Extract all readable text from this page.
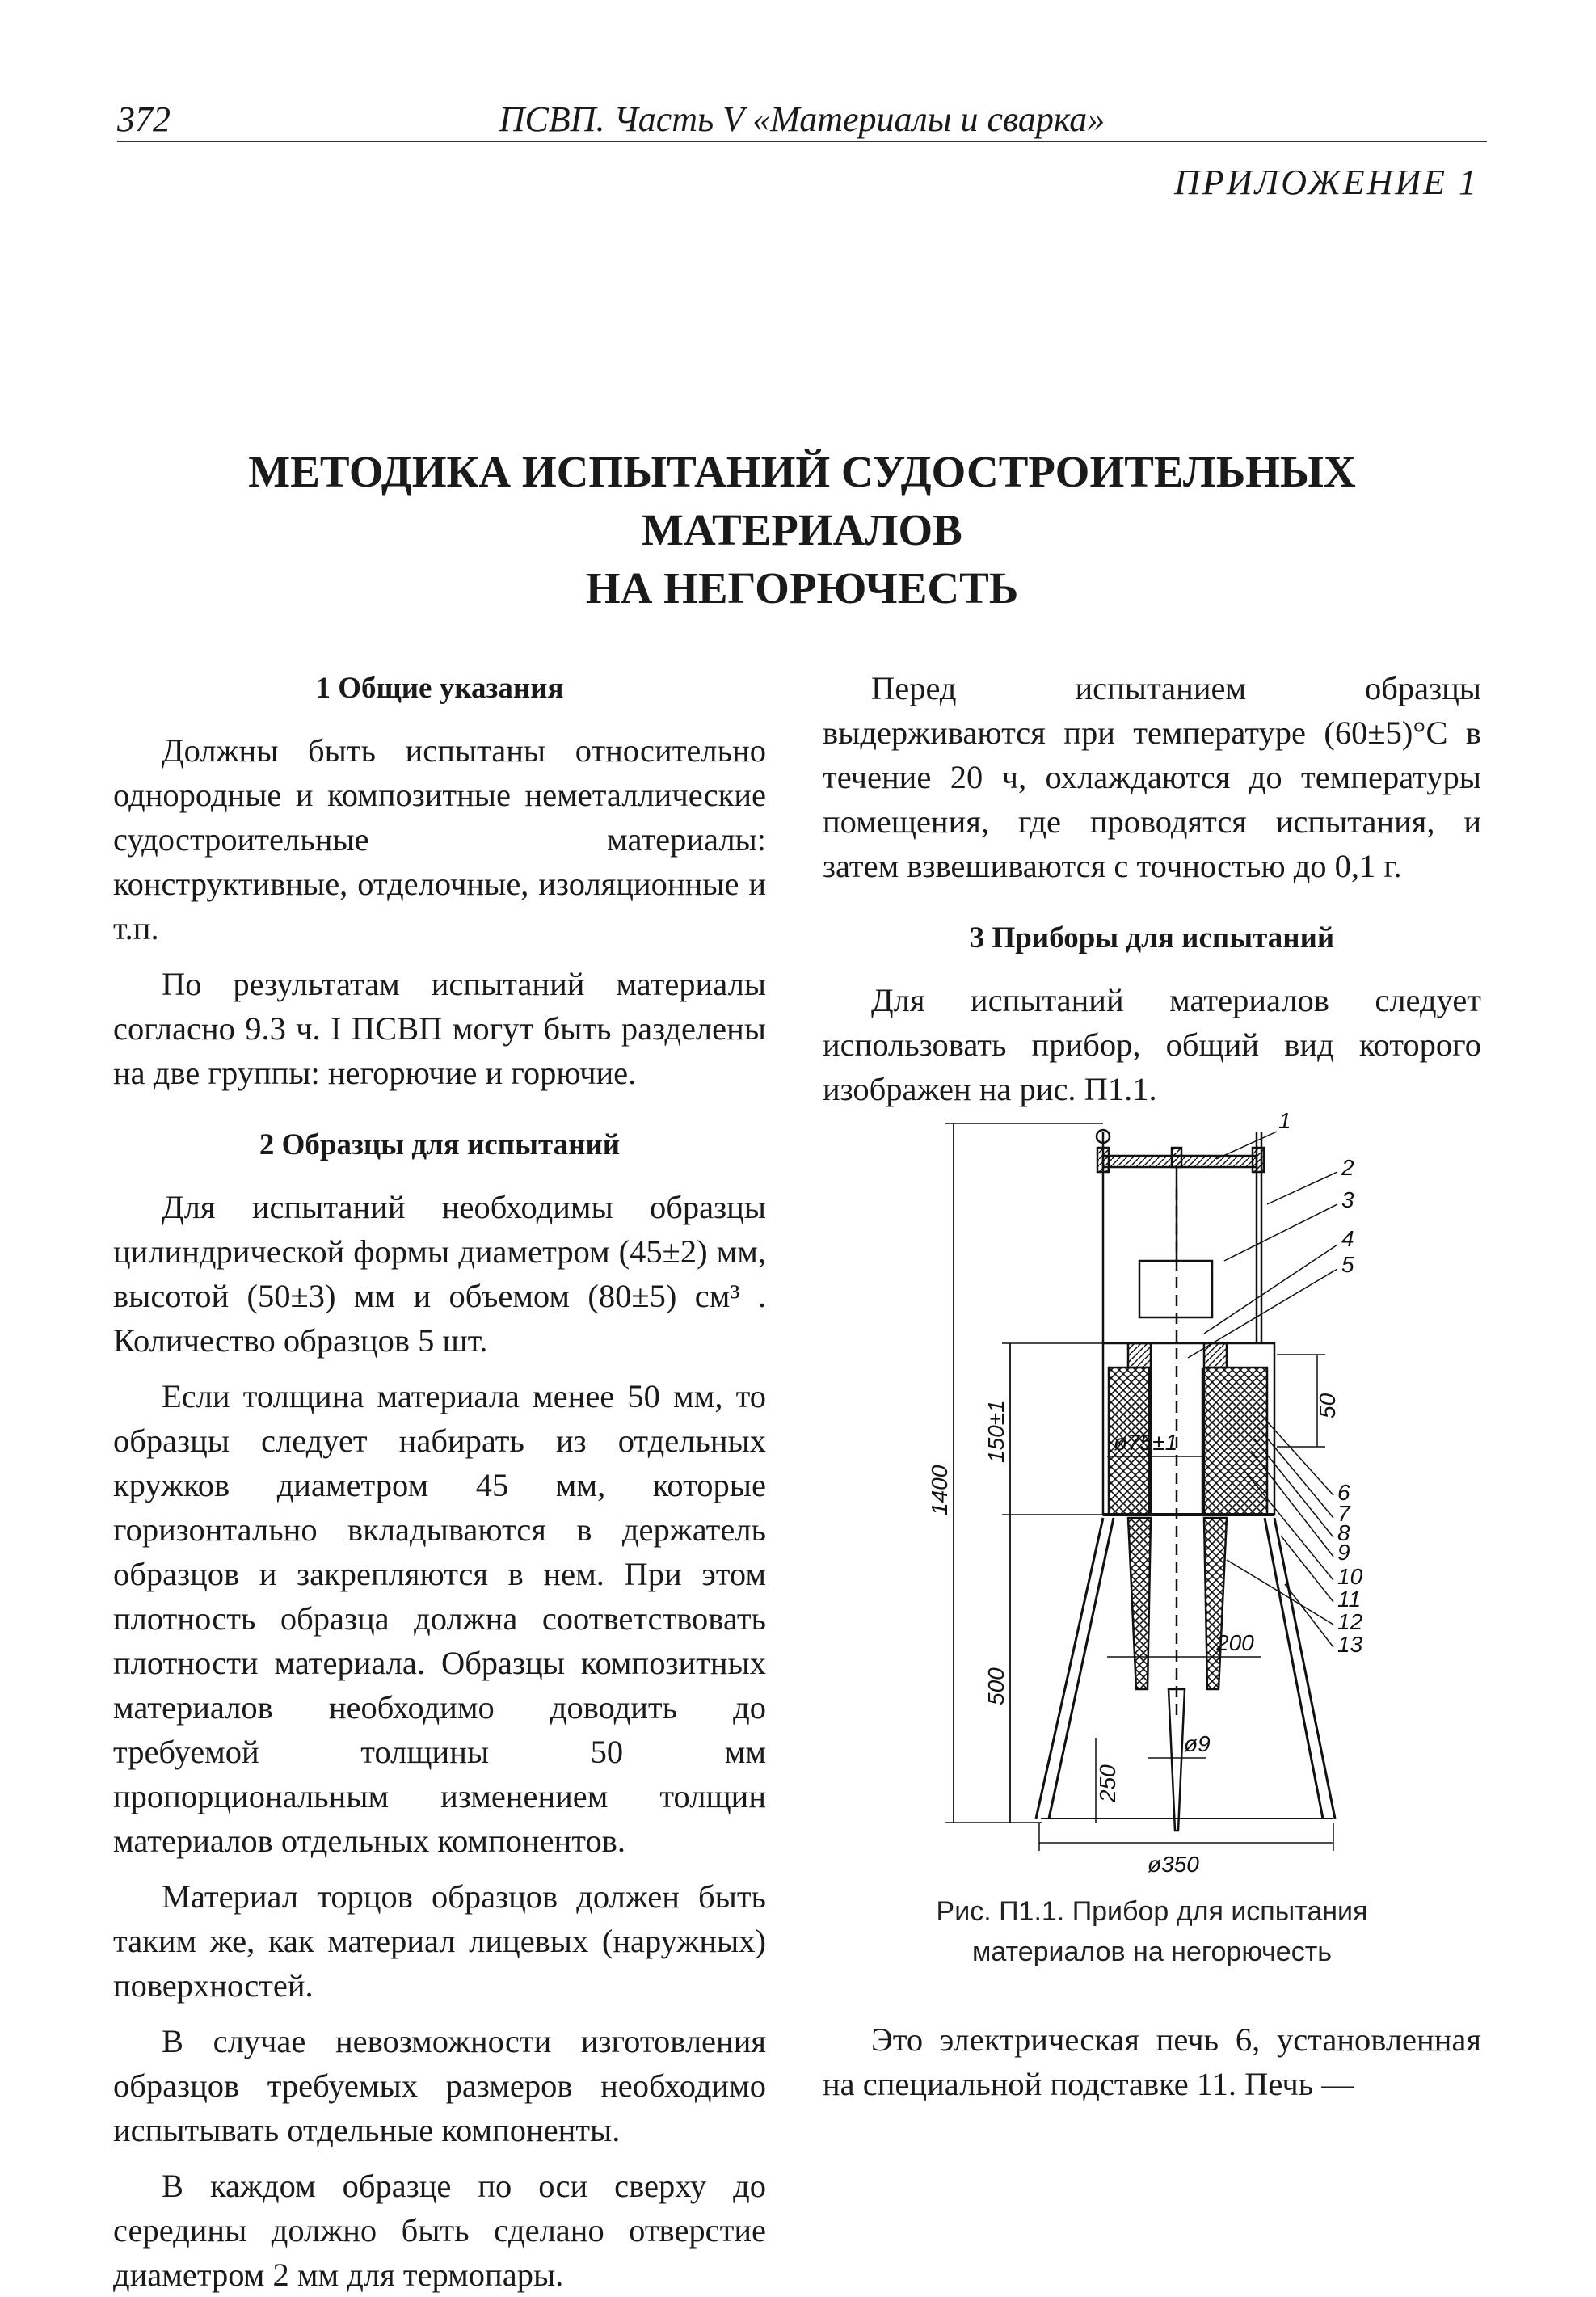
372	ПСВП. Часть V «Материалы и сварка»
ПРИЛОЖЕНИЕ 1
МЕТОДИКА ИСПЫТАНИЙ СУДОСТРОИТЕЛЬНЫХ МАТЕРИАЛОВ
НА НЕГОРЮЧЕСТЬ
1 Общие указания

Должны быть испытаны относительно однородные и композитные неметаллические судостроительные материалы: конструктивные, отделочные, изоляционные и т.п.

По результатам испытаний материалы согласно 9.3 ч. I ПСВП могут быть разделены на две группы: негорючие и горючие.

2 Образцы для испытаний

Для испытаний необходимы образцы цилиндрической формы диаметром (45±2) мм, высотой (50±3) мм и объемом (80±5) см³ . Количество образцов 5 шт.

Если толщина материала менее 50 мм, то образцы следует набирать из отдельных кружков диаметром 45 мм, которые горизонтально вкладываются в держатель образцов и закрепляются в нем. При этом плотность образца должна соответствовать плотности материала. Образцы композитных материалов необходимо доводить до требуемой толщины 50 мм пропорциональным изменением толщин материалов отдельных компонентов.

Материал торцов образцов должен быть таким же, как материал лицевых (наружных) поверхностей.

В случае невозможности изготовления образцов требуемых размеров необходимо испытывать отдельные компоненты.

В каждом образце по оси сверху до середины должно быть сделано отверстие диаметром 2 мм для термопары.

Перед испытанием образцы выдерживаются при температуре (60±5)°С в течение 20 ч, охлаждаются до температуры помещения, где проводятся испытания, и затем взвешиваются с точностью до 0,1 г.

3 Приборы для испытаний

Для испытаний материалов следует использовать прибор, общий вид которого изображен на рис. П1.1.

1
2
3
4
5
6
7
8
9
10
11
12
13
1400
150±1	ø75±1
50
500
200
250
ø9
ø350
Рис. П1.1. Прибор для испытания
материалов на негорючесть

Это электрическая печь 6, установленная на специальной подставке 11. Печь —
